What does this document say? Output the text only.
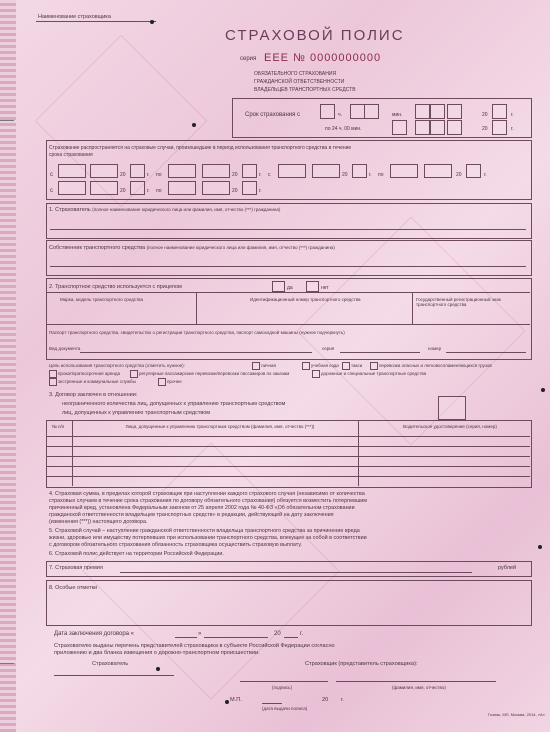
Наименование страховщика
СТРАХОВОЙ ПОЛИС
серия ЕЕЕ № 0000000000
ОБЯЗАТЕЛЬНОГО СТРАХОВАНИЯ
ГРАЖДАНСКОЙ ОТВЕТСТВЕННОСТИ
ВЛАДЕЛЬЦЕВ ТРАНСПОРТНЫХ СРЕДСТВ
Срок страхования с	ч.	мин.	20	г.
по 24 ч. 00 мин.	20	г.
Страхование распространяется на страховые случаи, произошедшие в период использования транспортного средства в течение
срока страхования
с	20	г. по	20	г. с	20	г. по	20	г.
с	20	г. по	20	г.
1. Страхователь (полное наименование юридического лица или фамилия, имя, отчество (***) гражданина)
Собственник транспортного средства (полное наименование юридического лица или фамилия, имя, отчество (***) гражданина)
2. Транспортное средство используется с прицепом	да	нет
Марка, модель транспортного средства	Идентификационный номер транспортного средства	Государственный регистрационный знак транспортного средства
Паспорт транспортного средства, свидетельство о регистрации транспортного средства, паспорт самоходной машины (нужное подчеркнуть)
Вид документа	серия	номер
Цель использования транспортного средства (отметить нужное):	личная	учебная езда	такси	перевозка опасных и легковоспламеняющихся грузов
прокат/краткосрочная аренда	регулярные пассажирские перевозки/перевозки пассажиров по заказам	дорожные и специальные транспортные средства
экстренные и коммунальные службы	прочее
3. Договор заключен в отношении:
неограниченного количества лиц, допущенных к управлению транспортным средством
лиц, допущенных к управлению транспортным средством
№ п/п	Лица, допущенные к управлению транспортным средством (фамилия, имя, отчество (***))	Водительское удостоверение (серия, номер)
4. Страховая сумма, в пределах которой страховщик при наступлении каждого страхового случая (независимо от количества
страховых случаев в течение срока страхования по договору обязательного страхования) обязуется возместить потерпевшим
причиненный вред, установлена Федеральным законом от 25 апреля 2002 года № 40-ФЗ «Об обязательном страховании
гражданской ответственности владельцев транспортных средств» в редакции, действующей на дату заключения
(изменения (***)) настоящего договора.
5. Страховой случай – наступление гражданской ответственности владельца транспортного средства за причинение вреда
жизни, здоровью или имуществу потерпевших при использовании транспортного средства, влекущее за собой в соответствии
с договором обязательного страхования обязанность страховщика осуществить страховую выплату.
6. Страховой полис действует на территории Российской Федерации.
7. Страховая премия	рублей
8. Особые отметки
Дата заключения договора «	»	20	г.
Страхователю выданы перечень представителей страховщика в субъекте Российской Федерации согласно
приложению и два бланка извещения о дорожно-транспортном происшествии.
Страхователь	Страховщик (представитель страховщика):
(подпись)	(фамилия, имя, отчество)
М.П.	20 г.
(дата выдачи полиса)
Гознак, МП, Москва, 2014, «А»
